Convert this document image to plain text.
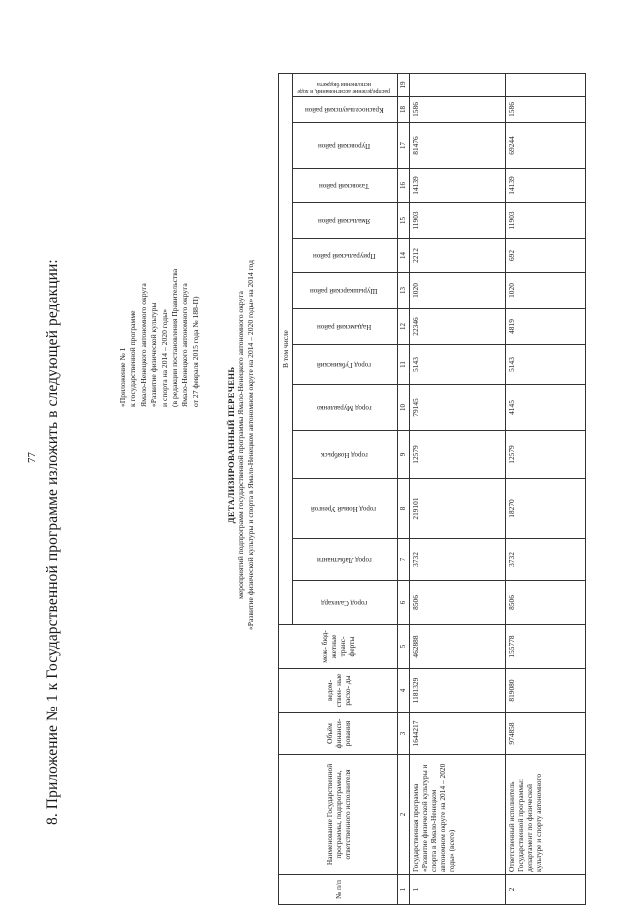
77 8. Приложение № 1 к Государственной программе изложить в следующей редакции:	«Приложение № 1 к государственной программе Ямало-Ненецкого автономного округа «Развитие физической культуры и спорта на 2014 – 2020 годы» (в редакции постановления Правительства Ямало-Ненецкого автономного округа от 27 февраля 2015 года № 188-П)
ДЕТАЛИЗИРОВАННЫЙ ПЕРЕЧЕНЬ мероприятий подпрограмм государственной программы Ямало-Ненецкого автономного округа «Развитие физической культуры и спорта в Ямало-Ненецком автономном округе на 2014 – 2020 годы» на 2014 год
№ п/п	Наименование Государственной программы, подпрограммы, ответственного исполнителя	Объём финанси- рования	ведом- ствен- ные расхо- ды	меж- бюд- жетные транс- ферты	В том числе													
					город Салехард	город Лабытнанги	город Новый Уренгой	город Ноябрьск	город Муравленко	город Губкинский	Надымский район	Шурышкарский район	Приуральский район	Ямальский район	Тазовский район	Пуровский район	Красноселькупский район	распределение ассигнований, в ходе исполнения бюджета
1	2	3	4	5	6	7	8	9	10	11	12	13	14	15	16	17	18	19
1	Государственная программа «Развитие физической культуры и спорта в Ямало-Ненецком автономном округе на 2014 – 2020 годы» (всего)	1644217	1181329	462888	8506	3732	219101	12579	79145	5143	22346	1020	2212	11903	14139	81476	1586	
2	Ответственный исполнитель Государственной программы: департамент по физической культуре и спорту автономного	974858	819080	155778	8506	3732	18270	12579	4145	5143	4819	1020	692	11903	14139	69244	1586	
